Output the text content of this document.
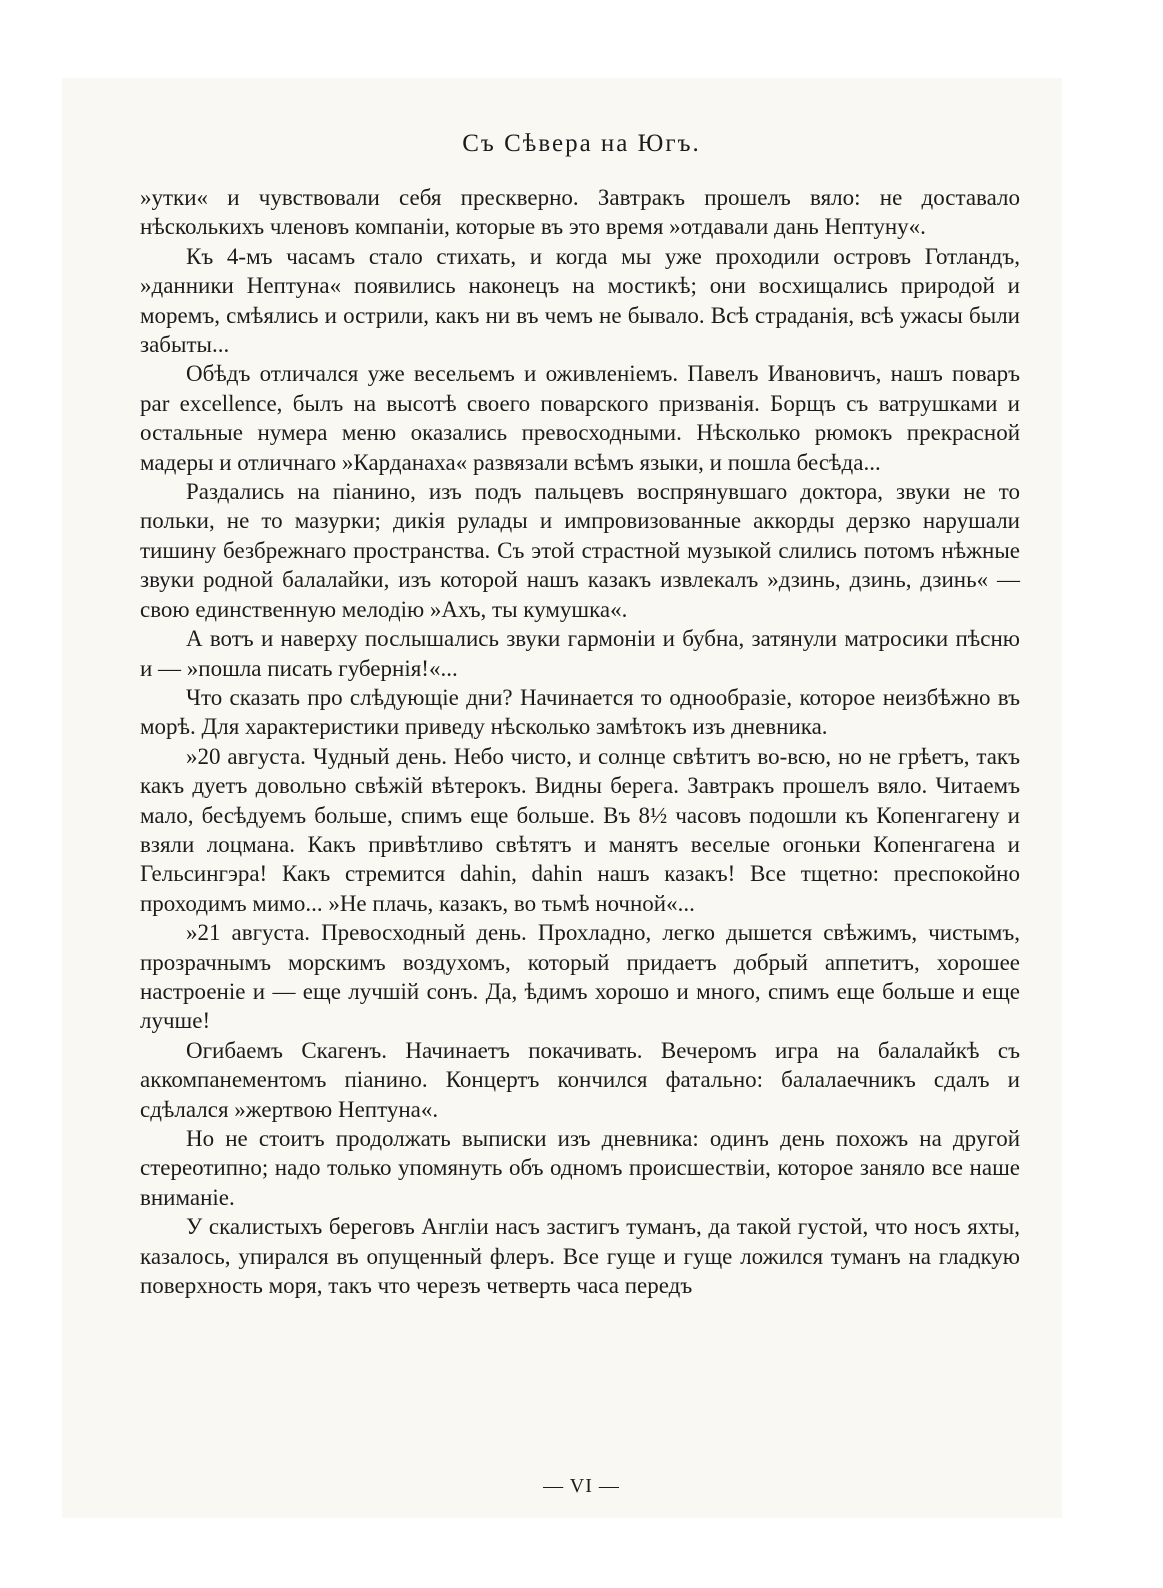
Съ Сѣвера на Югъ.

»утки« и чувствовали себя прескверно. Завтракъ прошелъ вяло: не доставало нѣсколькихъ членовъ компаніи, которые въ это время »отдавали дань Нептуну«.

Къ 4-мъ часамъ стало стихать, и когда мы уже проходили островъ Готландъ, »данники Нептуна« появились наконецъ на мостикѣ; они восхищались природой и моремъ, смѣялись и острили, какъ ни въ чемъ не бывало. Всѣ страданія, всѣ ужасы были забыты...

Обѣдъ отличался уже весельемъ и оживленіемъ. Павелъ Ивановичъ, нашъ поваръ par excellence, былъ на высотѣ своего поварского призванія. Борщъ съ ватрушками и остальные нумера меню оказались превосходными. Нѣсколько рюмокъ прекрасной мадеры и отличнаго »Карданаха« развязали всѣмъ языки, и пошла бесѣда...

Раздались на піанино, изъ подъ пальцевъ воспрянувшаго доктора, звуки не то польки, не то мазурки; дикія рулады и импровизованные аккорды дерзко нарушали тишину безбрежнаго пространства. Съ этой страстной музыкой слились потомъ нѣжные звуки родной балалайки, изъ которой нашъ казакъ извлекалъ »дзинь, дзинь, дзинь« — свою единственную мелодію »Ахъ, ты кумушка«.

А вотъ и наверху послышались звуки гармоніи и бубна, затянули матросики пѣсню и — »пошла писать губернія!«...

Что сказать про слѣдующіе дни? Начинается то однообразіе, которое неизбѣжно въ морѣ. Для характеристики приведу нѣсколько замѣтокъ изъ дневника.

»20 августа. Чудный день. Небо чисто, и солнце свѣтитъ во-всю, но не грѣетъ, такъ какъ дуетъ довольно свѣжій вѣтерокъ. Видны берега. Завтракъ прошелъ вяло. Читаемъ мало, бесѣдуемъ больше, спимъ еще больше. Въ 8½ часовъ подошли къ Копенгагену и взяли лоцмана. Какъ привѣтливо свѣтятъ и манятъ веселые огоньки Копенгагена и Гельсингэра! Какъ стремится dahin, dahin нашъ казакъ! Все тщетно: преспокойно проходимъ мимо... »Не плачь, казакъ, во тьмѣ ночной«...

»21 августа. Превосходный день. Прохладно, легко дышется свѣжимъ, чистымъ, прозрачнымъ морскимъ воздухомъ, который придаетъ добрый аппетитъ, хорошее настроеніе и — еще лучшій сонъ. Да, ѣдимъ хорошо и много, спимъ еще больше и еще лучше!

Огибаемъ Скагенъ. Начинаетъ покачивать. Вечеромъ игра на балалайкѣ съ аккомпанементомъ піанино. Концертъ кончился фатально: балалаечникъ сдалъ и сдѣлался »жертвою Нептуна«.

Но не стоитъ продолжать выписки изъ дневника: одинъ день похожъ на другой стереотипно; надо только упомянуть объ одномъ происшествіи, которое заняло все наше вниманіе.

У скалистыхъ береговъ Англіи насъ застигъ туманъ, да такой густой, что носъ яхты, казалось, упирался въ опущенный флеръ. Все гуще и гуще ложился туманъ на гладкую поверхность моря, такъ что черезъ четверть часа передъ

— VI —
